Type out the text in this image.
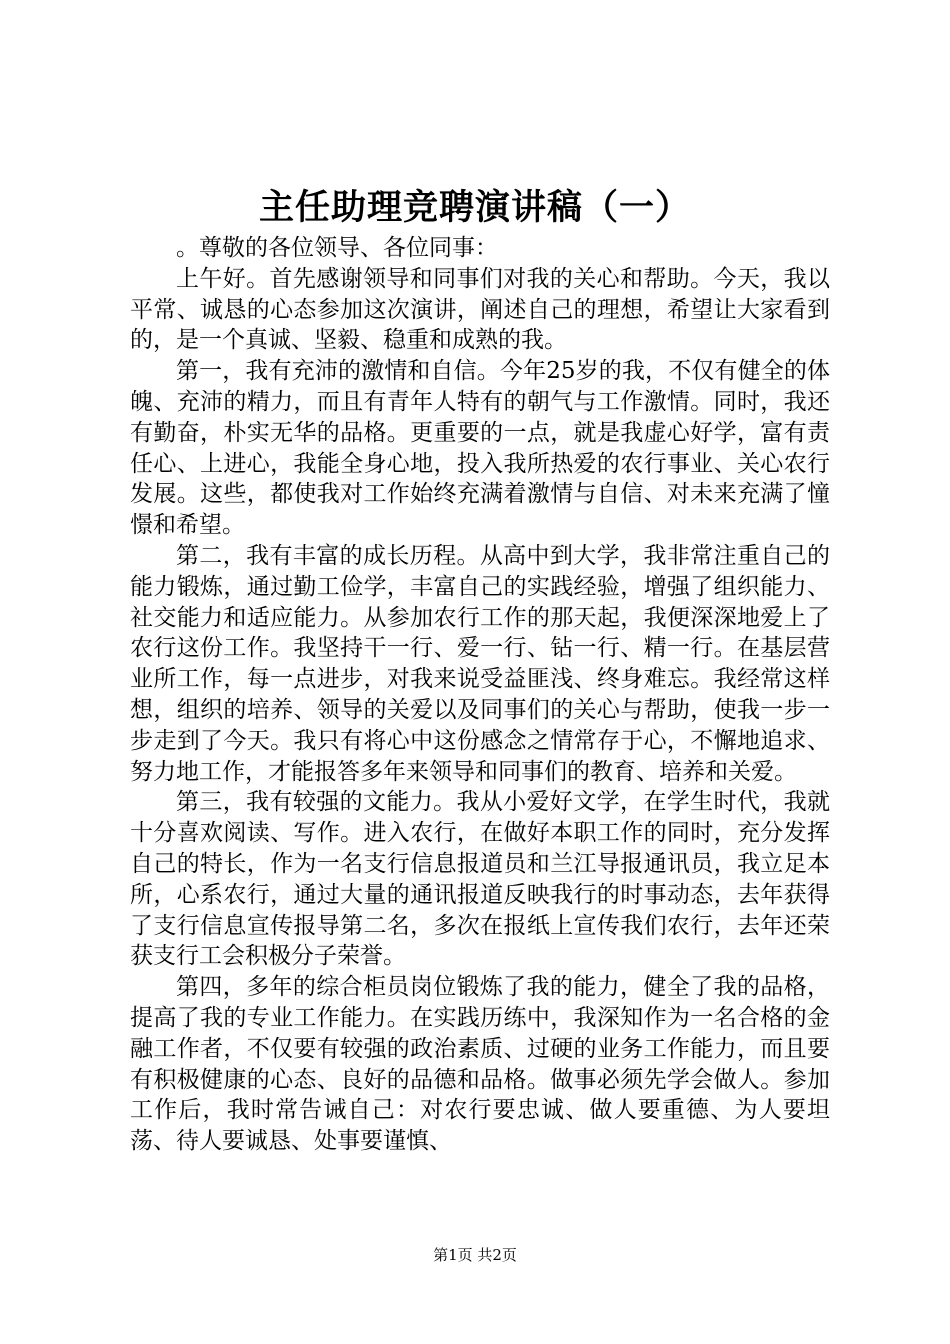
主任助理竞聘演讲稿（一）

。尊敬的各位领导、各位同事：

上午好。首先感谢领导和同事们对我的关心和帮助。今天，我以平常、诚恳的心态参加这次演讲，阐述自己的理想，希望让大家看到的，是一个真诚、坚毅、稳重和成熟的我。

第一，我有充沛的激情和自信。今年25岁的我，不仅有健全的体魄、充沛的精力，而且有青年人特有的朝气与工作激情。同时，我还有勤奋，朴实无华的品格。更重要的一点，就是我虚心好学，富有责任心、上进心，我能全身心地，投入我所热爱的农行事业、关心农行发展。这些，都使我对工作始终充满着激情与自信、对未来充满了憧憬和希望。

第二，我有丰富的成长历程。从高中到大学，我非常注重自己的能力锻炼，通过勤工俭学，丰富自己的实践经验，增强了组织能力、社交能力和适应能力。从参加农行工作的那天起，我便深深地爱上了农行这份工作。我坚持干一行、爱一行、钻一行、精一行。在基层营业所工作，每一点进步，对我来说受益匪浅、终身难忘。我经常这样想，组织的培养、领导的关爱以及同事们的关心与帮助，使我一步一步走到了今天。我只有将心中这份感念之情常存于心，不懈地追求、努力地工作，才能报答多年来领导和同事们的教育、培养和关爱。

第三，我有较强的文能力。我从小爱好文学，在学生时代，我就十分喜欢阅读、写作。进入农行，在做好本职工作的同时，充分发挥自己的特长，作为一名支行信息报道员和兰江导报通讯员，我立足本所，心系农行，通过大量的通讯报道反映我行的时事动态，去年获得了支行信息宣传报导第二名，多次在报纸上宣传我们农行，去年还荣获支行工会积极分子荣誉。

第四，多年的综合柜员岗位锻炼了我的能力，健全了我的品格，提高了我的专业工作能力。在实践历练中，我深知作为一名合格的金融工作者，不仅要有较强的政治素质、过硬的业务工作能力，而且要有积极健康的心态、良好的品德和品格。做事必须先学会做人。参加工作后，我时常告诫自己：对农行要忠诚、做人要重德、为人要坦荡、待人要诚恳、处事要谨慎、

第1页 共2页
